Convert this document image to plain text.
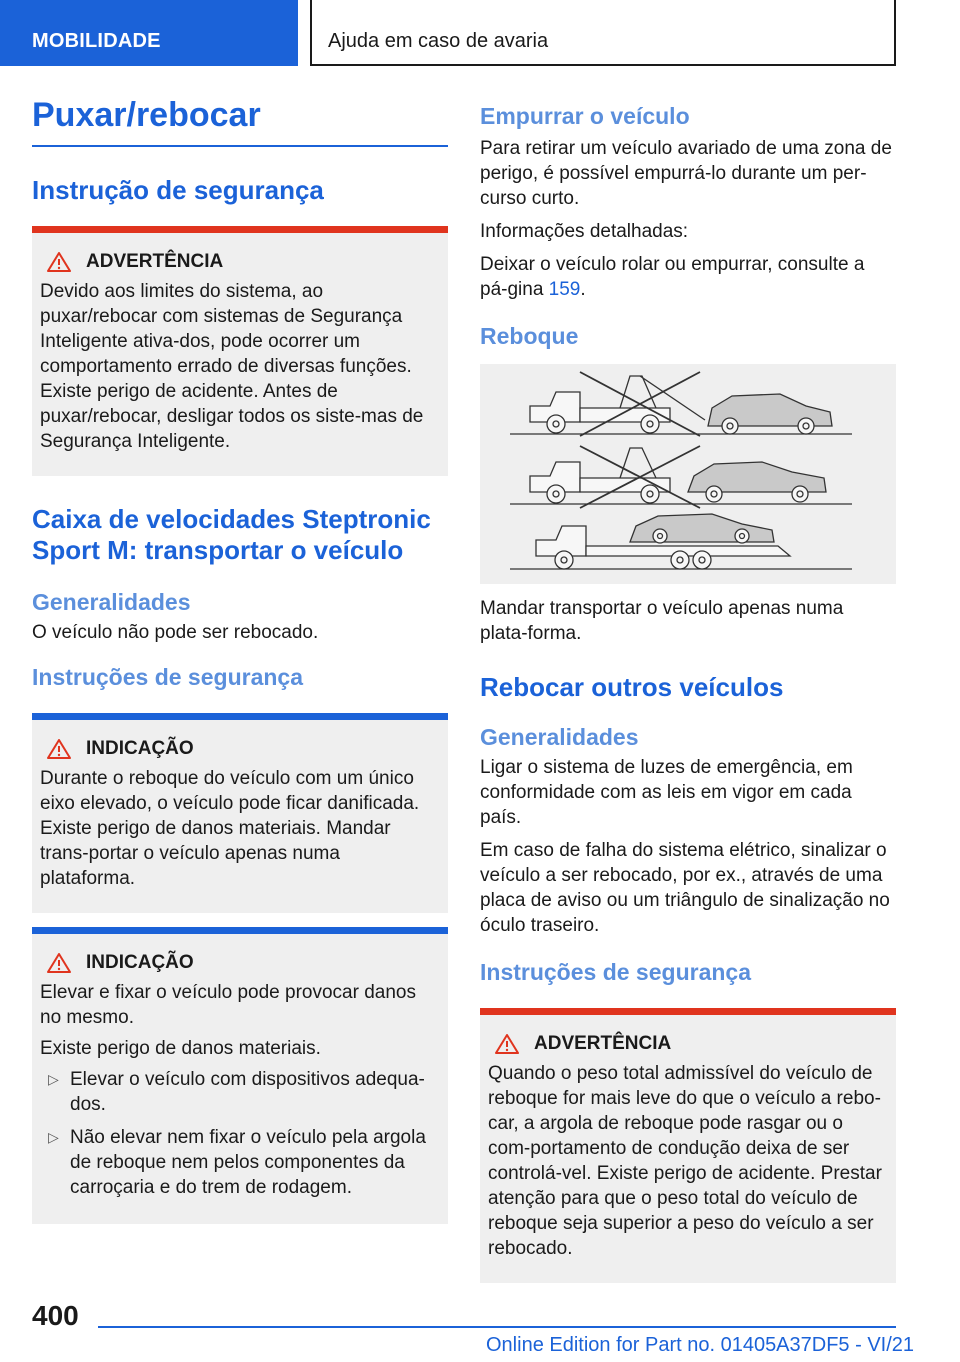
MOBILIDADE	Ajuda em caso de avaria
Puxar/rebocar
Instrução de segurança
ADVERTÊNCIA

Devido aos limites do sistema, ao puxar/rebocar com sistemas de Segurança Inteligente ativa-dos, pode ocorrer um comportamento errado de diversas funções. Existe perigo de acidente. Antes de puxar/rebocar, desligar todos os siste-mas de Segurança Inteligente.

Caixa de velocidades Steptronic Sport M: transportar o veículo
Generalidades

O veículo não pode ser rebocado.

Instruções de segurança
INDICAÇÃO

Durante o reboque do veículo com um único eixo elevado, o veículo pode ficar danificada. Existe perigo de danos materiais. Mandar trans-portar o veículo apenas numa plataforma.

INDICAÇÃO

Elevar e fixar o veículo pode provocar danos no mesmo.

Existe perigo de danos materiais.

▷ Elevar o veículo com dispositivos adequa-dos.
▷ Não elevar nem fixar o veículo pela argola de reboque nem pelos componentes da carroçaria e do trem de rodagem.
Empurrar o veículo

Para retirar um veículo avariado de uma zona de perigo, é possível empurrá-lo durante um per-curso curto.

Informações detalhadas:

Deixar o veículo rolar ou empurrar, consulte a pá-gina 159.

Reboque

Mandar transportar o veículo apenas numa plata-forma.

Rebocar outros veículos
Generalidades

Ligar o sistema de luzes de emergência, em conformidade com as leis em vigor em cada país.

Em caso de falha do sistema elétrico, sinalizar o veículo a ser rebocado, por ex., através de uma placa de aviso ou um triângulo de sinalização no óculo traseiro.

Instruções de segurança
ADVERTÊNCIA

Quando o peso total admissível do veículo de reboque for mais leve do que o veículo a rebo-car, a argola de reboque pode rasgar ou o com-portamento de condução deixa de ser controlá-vel. Existe perigo de acidente. Prestar atenção para que o peso total do veículo de reboque seja superior a peso do veículo a ser rebocado.

400
Online Edition for Part no. 01405A37DF5 - VI/21
